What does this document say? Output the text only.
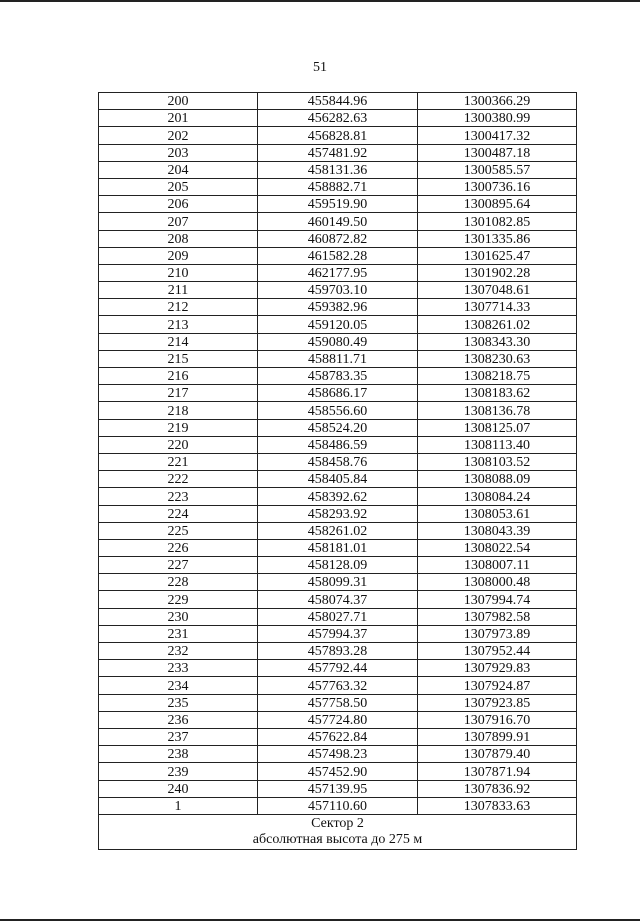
51
200	455844.96	1300366.29
201	456282.63	1300380.99
202	456828.81	1300417.32
203	457481.92	1300487.18
204	458131.36	1300585.57
205	458882.71	1300736.16
206	459519.90	1300895.64
207	460149.50	1301082.85
208	460872.82	1301335.86
209	461582.28	1301625.47
210	462177.95	1301902.28
211	459703.10	1307048.61
212	459382.96	1307714.33
213	459120.05	1308261.02
214	459080.49	1308343.30
215	458811.71	1308230.63
216	458783.35	1308218.75
217	458686.17	1308183.62
218	458556.60	1308136.78
219	458524.20	1308125.07
220	458486.59	1308113.40
221	458458.76	1308103.52
222	458405.84	1308088.09
223	458392.62	1308084.24
224	458293.92	1308053.61
225	458261.02	1308043.39
226	458181.01	1308022.54
227	458128.09	1308007.11
228	458099.31	1308000.48
229	458074.37	1307994.74
230	458027.71	1307982.58
231	457994.37	1307973.89
232	457893.28	1307952.44
233	457792.44	1307929.83
234	457763.32	1307924.87
235	457758.50	1307923.85
236	457724.80	1307916.70
237	457622.84	1307899.91
238	457498.23	1307879.40
239	457452.90	1307871.94
240	457139.95	1307836.92
1	457110.60	1307833.63

Сектор 2
абсолютная высота до 275 м		
